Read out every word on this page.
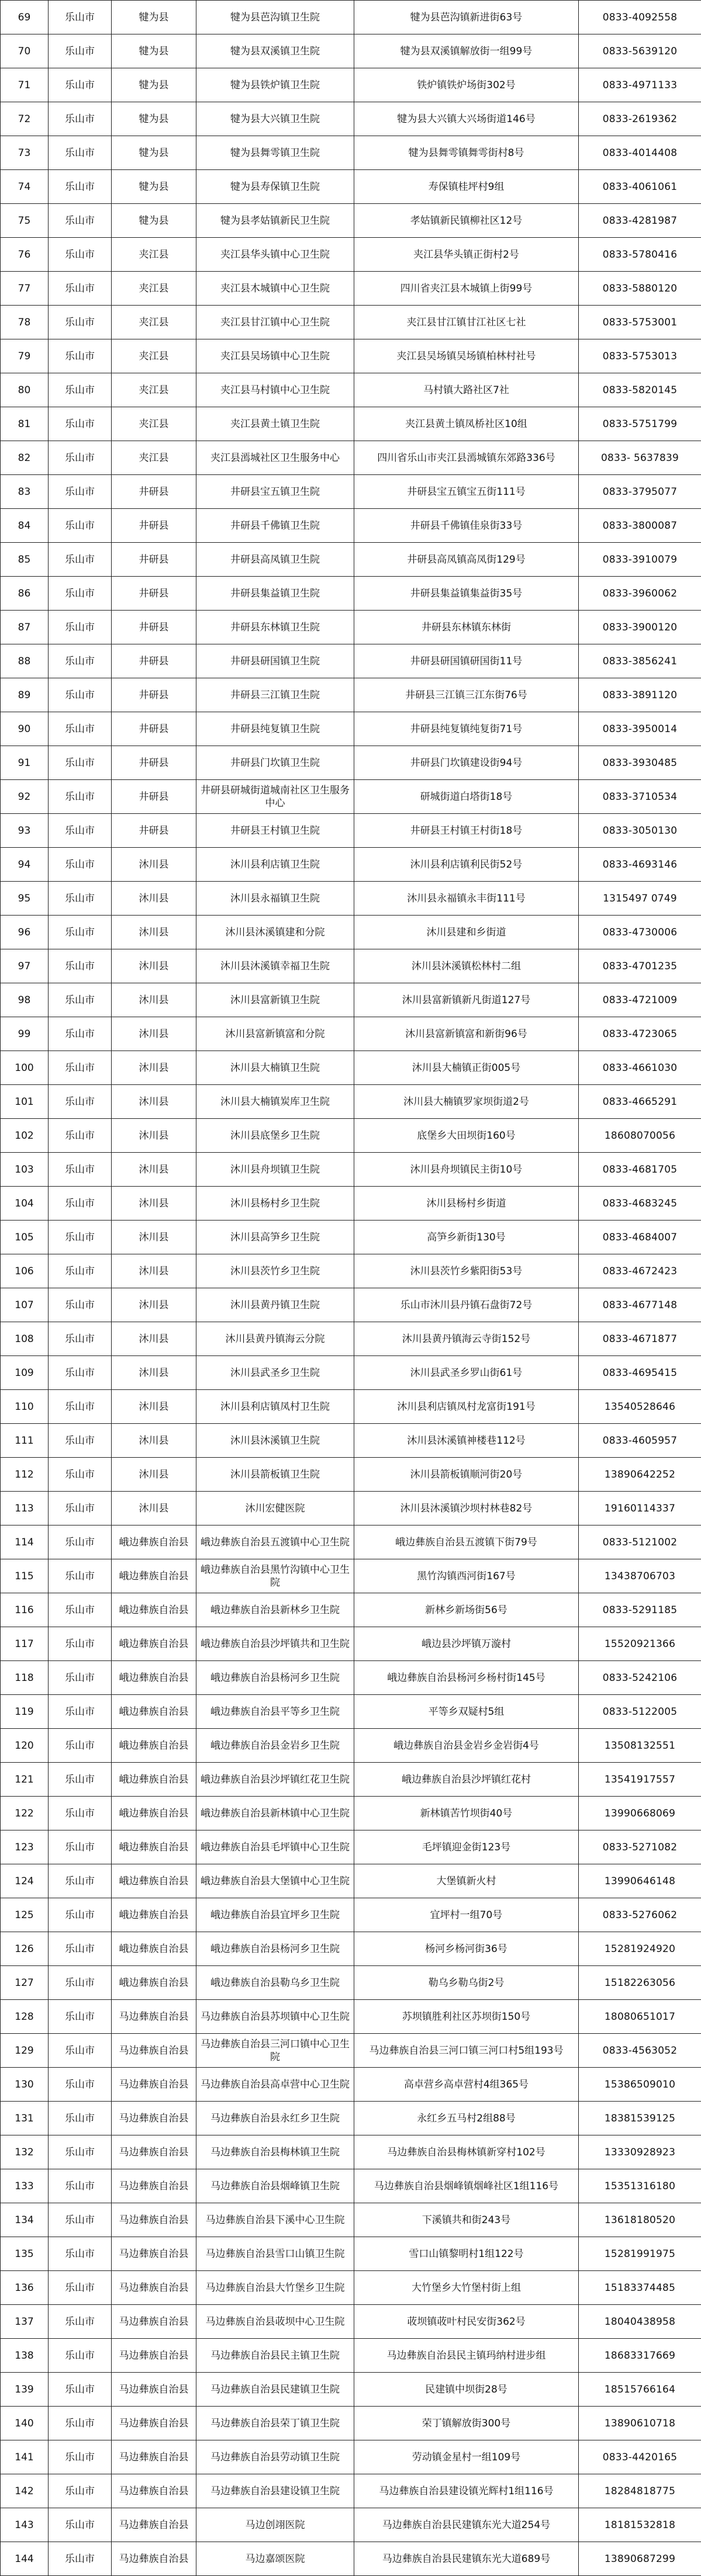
69	乐山市	犍为县	犍为县芭沟镇卫生院	犍为县芭沟镇新进街63号	0833-4092558
70	乐山市	犍为县	犍为县双溪镇卫生院	犍为县双溪镇解放街一组99号	0833-5639120
71	乐山市	犍为县	犍为县铁炉镇卫生院	铁炉镇铁炉场街302号	0833-4971133
72	乐山市	犍为县	犍为县大兴镇卫生院	犍为县大兴镇大兴场街道146号	0833-2619362
73	乐山市	犍为县	犍为县舞雩镇卫生院	犍为县舞雩镇舞雩街村8号	0833-4014408
74	乐山市	犍为县	犍为县寿保镇卫生院	寿保镇桂坪村9组	0833-4061061
75	乐山市	犍为县	犍为县孝姑镇新民卫生院	孝姑镇新民镇柳社区12号	0833-4281987
76	乐山市	夹江县	夹江县华头镇中心卫生院	夹江县华头镇正街村2号	0833-5780416
77	乐山市	夹江县	夹江县木城镇中心卫生院	四川省夹江县木城镇上街99号	0833-5880120
78	乐山市	夹江县	夹江县甘江镇中心卫生院	夹江县甘江镇甘江社区七社	0833-5753001
79	乐山市	夹江县	夹江县吴场镇中心卫生院	夹江县吴场镇吴场镇柏林村社号	0833-5753013
80	乐山市	夹江县	夹江县马村镇中心卫生院	马村镇大路社区7社	0833-5820145
81	乐山市	夹江县	夹江县黄土镇卫生院	夹江县黄土镇凤桥社区10组	0833-5751799
82	乐山市	夹江县	夹江县漹城社区卫生服务中心	四川省乐山市夹江县漹城镇东郊路336号	0833- 5637839
83	乐山市	井研县	井研县宝五镇卫生院	井研县宝五镇宝五街111号	0833-3795077
84	乐山市	井研县	井研县千佛镇卫生院	井研县千佛镇佳泉街33号	0833-3800087
85	乐山市	井研县	井研县高凤镇卫生院	井研县高凤镇高凤街129号	0833-3910079
86	乐山市	井研县	井研县集益镇卫生院	井研县集益镇集益街35号	0833-3960062
87	乐山市	井研县	井研县东林镇卫生院	井研县东林镇东林街	0833-3900120
88	乐山市	井研县	井研县研国镇卫生院	井研县研国镇研国街11号	0833-3856241
89	乐山市	井研县	井研县三江镇卫生院	井研县三江镇三江东街76号	0833-3891120
90	乐山市	井研县	井研县纯复镇卫生院	井研县纯复镇纯复街71号	0833-3950014
91	乐山市	井研县	井研县门坎镇卫生院	井研县门坎镇建设街94号	0833-3930485
92	乐山市	井研县	井研县研城街道城南社区卫生服务中心	研城街道白塔街18号	0833-3710534
93	乐山市	井研县	井研县王村镇卫生院	井研县王村镇王村街18号	0833-3050130
94	乐山市	沐川县	沐川县利店镇卫生院	沐川县利店镇利民街52号	0833-4693146
95	乐山市	沐川县	沐川县永福镇卫生院	沐川县永福镇永丰街111号	1315497 0749
96	乐山市	沐川县	沐川县沐溪镇建和分院	沐川县建和乡街道	0833-4730006
97	乐山市	沐川县	沐川县沐溪镇幸福卫生院	沐川县沐溪镇松林村二组	0833-4701235
98	乐山市	沐川县	沐川县富新镇卫生院	沐川县富新镇新凡街道127号	0833-4721009
99	乐山市	沐川县	沐川县富新镇富和分院	沐川县富新镇富和新街96号	0833-4723065
100	乐山市	沐川县	沐川县大楠镇卫生院	沐川县大楠镇正街005号	0833-4661030
101	乐山市	沐川县	沐川县大楠镇炭库卫生院	沐川县大楠镇罗家坝街道2号	0833-4665291
102	乐山市	沐川县	沐川县底堡乡卫生院	底堡乡大田坝街160号	18608070056
103	乐山市	沐川县	沐川县舟坝镇卫生院	沐川县舟坝镇民主街10号	0833-4681705
104	乐山市	沐川县	沐川县杨村乡卫生院	沐川县杨村乡街道	0833-4683245
105	乐山市	沐川县	沐川县高笋乡卫生院	高笋乡新街130号	0833-4684007
106	乐山市	沐川县	沐川县茨竹乡卫生院	沐川县茨竹乡紫阳街53号	0833-4672423
107	乐山市	沐川县	沐川县黄丹镇卫生院	乐山市沐川县丹镇石盘街72号	0833-4677148
108	乐山市	沐川县	沐川县黄丹镇海云分院	沐川县黄丹镇海云寺街152号	0833-4671877
109	乐山市	沐川县	沐川县武圣乡卫生院	沐川县武圣乡罗山街61号	0833-4695415
110	乐山市	沐川县	沐川县利店镇凤村卫生院	沐川县利店镇凤村龙富街191号	13540528646
111	乐山市	沐川县	沐川县沐溪镇卫生院	沐川县沐溪镇神楼巷112号	0833-4605957
112	乐山市	沐川县	沐川县箭板镇卫生院	沐川县箭板镇顺河街20号	13890642252
113	乐山市	沐川县	沐川宏健医院	沐川县沐溪镇沙坝村林巷82号	19160114337
114	乐山市	峨边彝族自治县	峨边彝族自治县五渡镇中心卫生院	峨边彝族自治县五渡镇下街79号	0833-5121002
115	乐山市	峨边彝族自治县	峨边彝族自治县黑竹沟镇中心卫生院	黑竹沟镇西河街167号	13438706703
116	乐山市	峨边彝族自治县	峨边彝族自治县新林乡卫生院	新林乡新场街56号	0833-5291185
117	乐山市	峨边彝族自治县	峨边彝族自治县沙坪镇共和卫生院	峨边县沙坪镇万漩村	15520921366
118	乐山市	峨边彝族自治县	峨边彝族自治县杨河乡卫生院	峨边彝族自治县杨河乡杨村街145号	0833-5242106
119	乐山市	峨边彝族自治县	峨边彝族自治县平等乡卫生院	平等乡双疑村5组	0833-5122005
120	乐山市	峨边彝族自治县	峨边彝族自治县金岩乡卫生院	峨边彝族自治县金岩乡金岩街4号	13508132551
121	乐山市	峨边彝族自治县	峨边彝族自治县沙坪镇红花卫生院	峨边彝族自治县沙坪镇红花村	13541917557
122	乐山市	峨边彝族自治县	峨边彝族自治县新林镇中心卫生院	新林镇苦竹坝街40号	13990668069
123	乐山市	峨边彝族自治县	峨边彝族自治县毛坪镇中心卫生院	毛坪镇迎金街123号	0833-5271082
124	乐山市	峨边彝族自治县	峨边彝族自治县大堡镇中心卫生院	大堡镇新火村	13990646148
125	乐山市	峨边彝族自治县	峨边彝族自治县宜坪乡卫生院	宜坪村一组70号	0833-5276062
126	乐山市	峨边彝族自治县	峨边彝族自治县杨河乡卫生院	杨河乡杨河街36号	15281924920
127	乐山市	峨边彝族自治县	峨边彝族自治县勒乌乡卫生院	勒乌乡勒乌街2号	15182263056
128	乐山市	马边彝族自治县	马边彝族自治县苏坝镇中心卫生院	苏坝镇胜利社区苏坝街150号	18080651017
129	乐山市	马边彝族自治县	马边彝族自治县三河口镇中心卫生院	马边彝族自治县三河口镇三河口村5组193号	0833-4563052
130	乐山市	马边彝族自治县	马边彝族自治县高卓营中心卫生院	高卓营乡高卓营村4组365号	15386509010
131	乐山市	马边彝族自治县	马边彝族自治县永红乡卫生院	永红乡五马村2组88号	18381539125
132	乐山市	马边彝族自治县	马边彝族自治县梅林镇卫生院	马边彝族自治县梅林镇新穿村102号	13330928923
133	乐山市	马边彝族自治县	马边彝族自治县烟峰镇卫生院	马边彝族自治县烟峰镇烟峰社区1组116号	15351316180
134	乐山市	马边彝族自治县	马边彝族自治县下溪中心卫生院	下溪镇共和街243号	13618180520
135	乐山市	马边彝族自治县	马边彝族自治县雪口山镇卫生院	雪口山镇黎明村1组122号	15281991975
136	乐山市	马边彝族自治县	马边彝族自治县大竹堡乡卫生院	大竹堡乡大竹堡村街上组	15183374485
137	乐山市	马边彝族自治县	马边彝族自治县荍坝中心卫生院	荍坝镇荍叶村民安街362号	18040438958
138	乐山市	马边彝族自治县	马边彝族自治县民主镇卫生院	马边彝族自治县民主镇玛纳村进步组	18683317669
139	乐山市	马边彝族自治县	马边彝族自治县民建镇卫生院	民建镇中坝街28号	18515766164
140	乐山市	马边彝族自治县	马边彝族自治县荣丁镇卫生院	荣丁镇解放街300号	13890610718
141	乐山市	马边彝族自治县	马边彝族自治县劳动镇卫生院	劳动镇金星村一组109号	0833-4420165
142	乐山市	马边彝族自治县	马边彝族自治县建设镇卫生院	马边彝族自治县建设镇光辉村1组116号	18284818775
143	乐山市	马边彝族自治县	马边创翊医院	马边彝族自治县民建镇东光大道254号	18181532818
144	乐山市	马边彝族自治县	马边嘉颂医院	马边彝族自治县民建镇东光大道689号	13890687299
